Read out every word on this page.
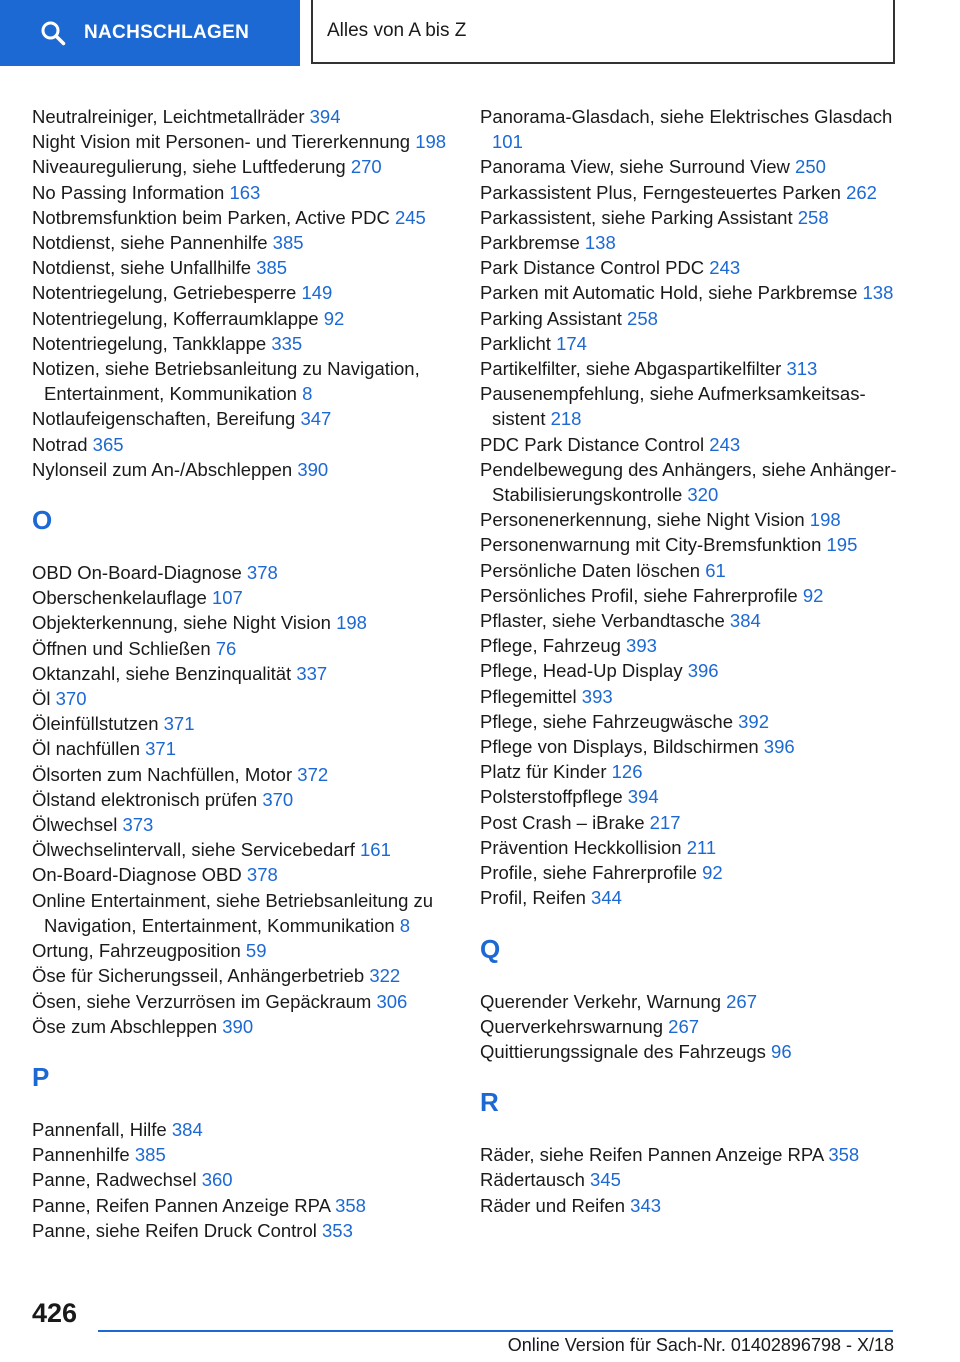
NACHSCHLAGEN	Alles von A bis Z
Neutralreiniger, Leichtmetallräder 394
Night Vision mit Personen- und Tiererkennung 198
Niveauregulierung, siehe Luftfederung 270
No Passing Information 163
Notbremsfunktion beim Parken, Active PDC 245
Notdienst, siehe Pannenhilfe 385
Notdienst, siehe Unfallhilfe 385
Notentriegelung, Getriebesperre 149
Notentriegelung, Kofferraumklappe 92
Notentriegelung, Tankklappe 335
Notizen, siehe Betriebsanleitung zu Navigation, Entertainment, Kommunikation 8
Notlaufeigenschaften, Bereifung 347
Notrad 365
Nylonseil zum An-/Abschleppen 390
O
OBD On-Board-Diagnose 378
Oberschenkelauflage 107
Objekterkennung, siehe Night Vision 198
Öffnen und Schließen 76
Oktanzahl, siehe Benzinqualität 337
Öl 370
Öleinfüllstutzen 371
Öl nachfüllen 371
Ölsorten zum Nachfüllen, Motor 372
Ölstand elektronisch prüfen 370
Ölwechsel 373
Ölwechselintervall, siehe Servicebedarf 161
On-Board-Diagnose OBD 378
Online Entertainment, siehe Betriebsanleitung zu Navigation, Entertainment, Kommunikation 8
Ortung, Fahrzeugposition 59
Öse für Sicherungsseil, Anhängerbetrieb 322
Ösen, siehe Verzurrösen im Gepäckraum 306
Öse zum Abschleppen 390
P
Pannenfall, Hilfe 384
Pannenhilfe 385
Panne, Radwechsel 360
Panne, Reifen Pannen Anzeige RPA 358
Panne, siehe Reifen Druck Control 353
Panorama-Glasdach, siehe Elektrisches Glasdach 101
Panorama View, siehe Surround View 250
Parkassistent Plus, Ferngesteuertes Parken 262
Parkassistent, siehe Parking Assistant 258
Parkbremse 138
Park Distance Control PDC 243
Parken mit Automatic Hold, siehe Parkbremse 138
Parking Assistant 258
Parklicht 174
Partikelfilter, siehe Abgaspartikelfilter 313
Pausenempfehlung, siehe Aufmerksamkeitsassistent 218
PDC Park Distance Control 243
Pendelbewegung des Anhängers, siehe Anhänger-Stabilisierungskontrolle 320
Personenerkennung, siehe Night Vision 198
Personenwarnung mit City-Bremsfunktion 195
Persönliche Daten löschen 61
Persönliches Profil, siehe Fahrerprofile 92
Pflaster, siehe Verbandtasche 384
Pflege, Fahrzeug 393
Pflege, Head-Up Display 396
Pflegemittel 393
Pflege, siehe Fahrzeugwäsche 392
Pflege von Displays, Bildschirmen 396
Platz für Kinder 126
Polsterstoffpflege 394
Post Crash – iBrake 217
Prävention Heckkollision 211
Profile, siehe Fahrerprofile 92
Profil, Reifen 344
Q
Querender Verkehr, Warnung 267
Querverkehrswarnung 267
Quittierungssignale des Fahrzeugs 96
R
Räder, siehe Reifen Pannen Anzeige RPA 358
Rädertausch 345
Räder und Reifen 343
426
Online Version für Sach-Nr. 01402896798 - X/18
